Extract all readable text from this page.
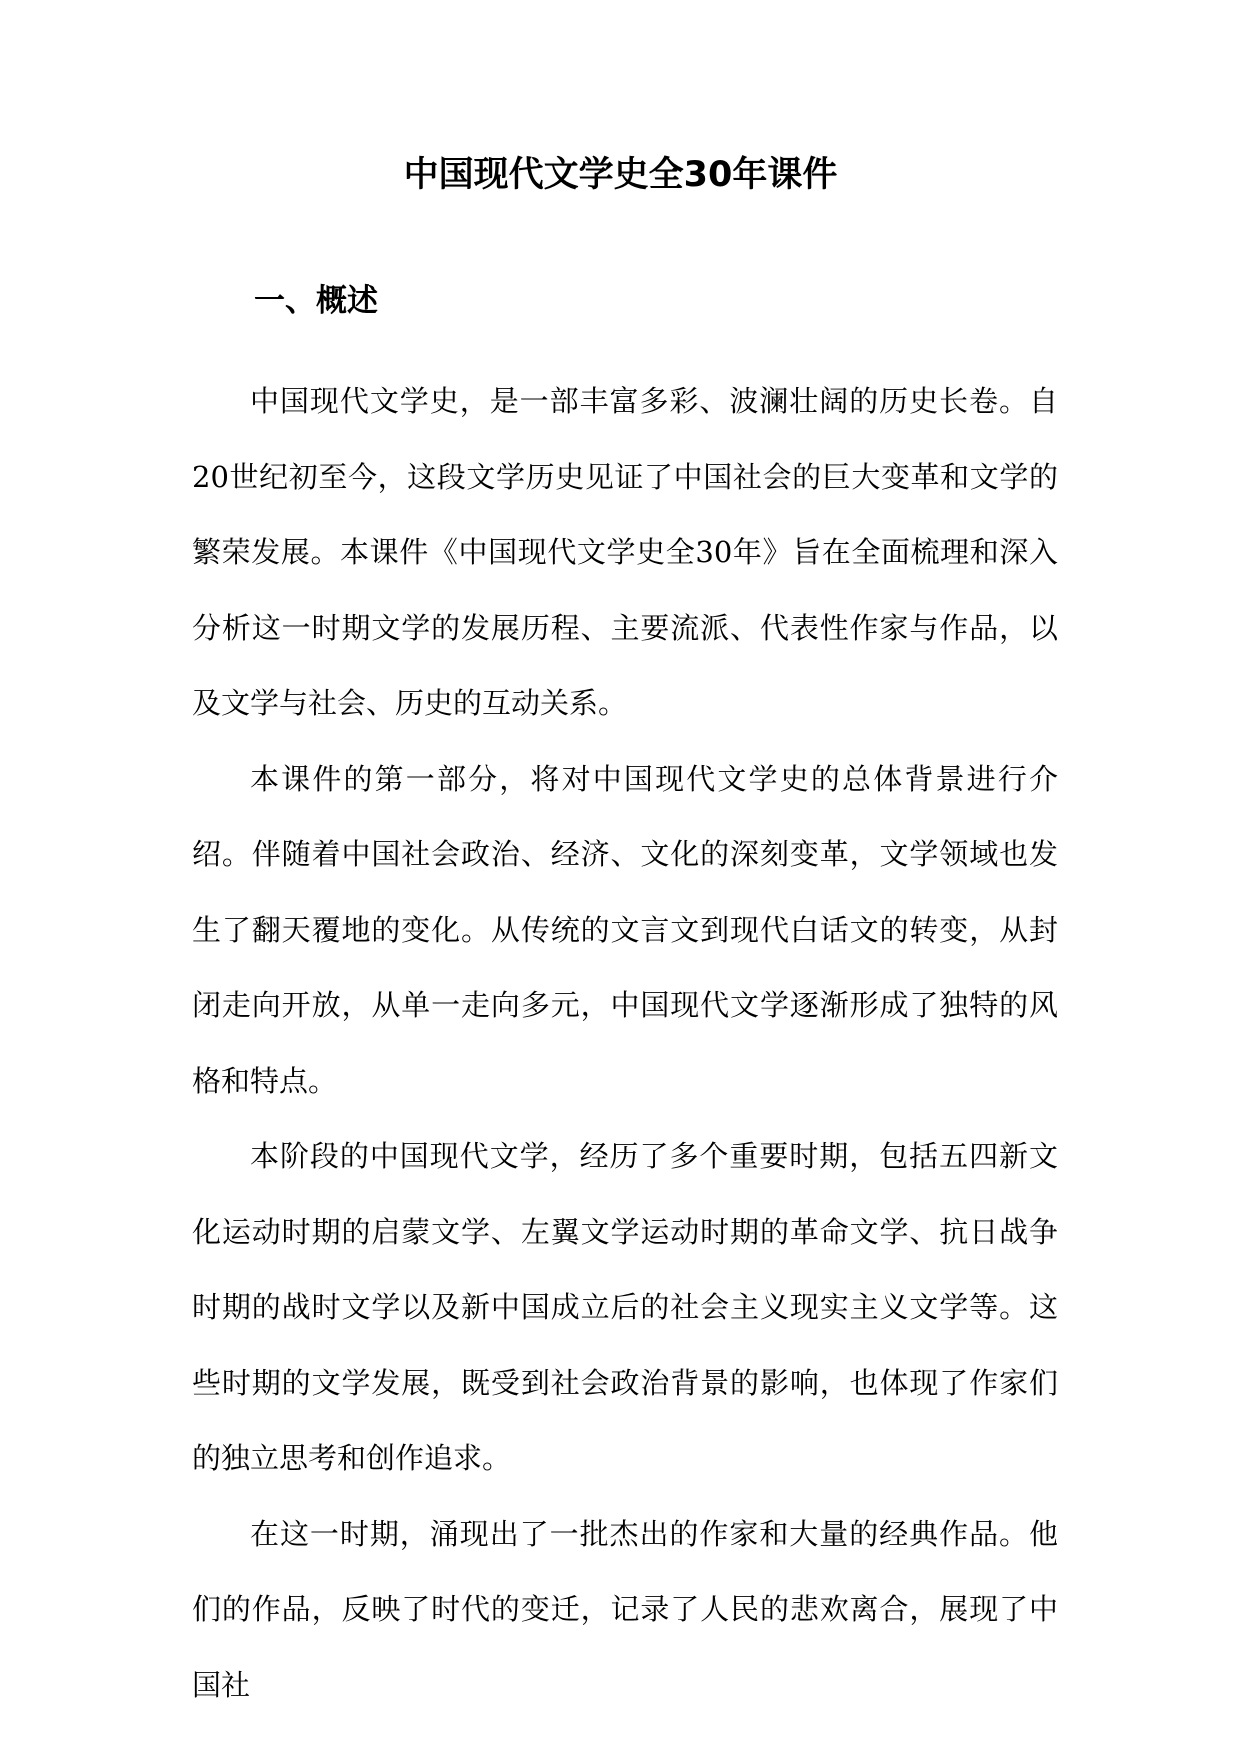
中国现代文学史全30年课件
一、概述

中国现代文学史，是一部丰富多彩、波澜壮阔的历史长卷。自20世纪初至今，这段文学历史见证了中国社会的巨大变革和文学的繁荣发展。本课件《中国现代文学史全30年》旨在全面梳理和深入分析这一时期文学的发展历程、主要流派、代表性作家与作品，以及文学与社会、历史的互动关系。

本课件的第一部分，将对中国现代文学史的总体背景进行介绍。伴随着中国社会政治、经济、文化的深刻变革，文学领域也发生了翻天覆地的变化。从传统的文言文到现代白话文的转变，从封闭走向开放，从单一走向多元，中国现代文学逐渐形成了独特的风格和特点。

本阶段的中国现代文学，经历了多个重要时期，包括五四新文化运动时期的启蒙文学、左翼文学运动时期的革命文学、抗日战争时期的战时文学以及新中国成立后的社会主义现实主义文学等。这些时期的文学发展，既受到社会政治背景的影响，也体现了作家们的独立思考和创作追求。

在这一时期，涌现出了一批杰出的作家和大量的经典作品。他们的作品，反映了时代的变迁，记录了人民的悲欢离合，展现了中国社
